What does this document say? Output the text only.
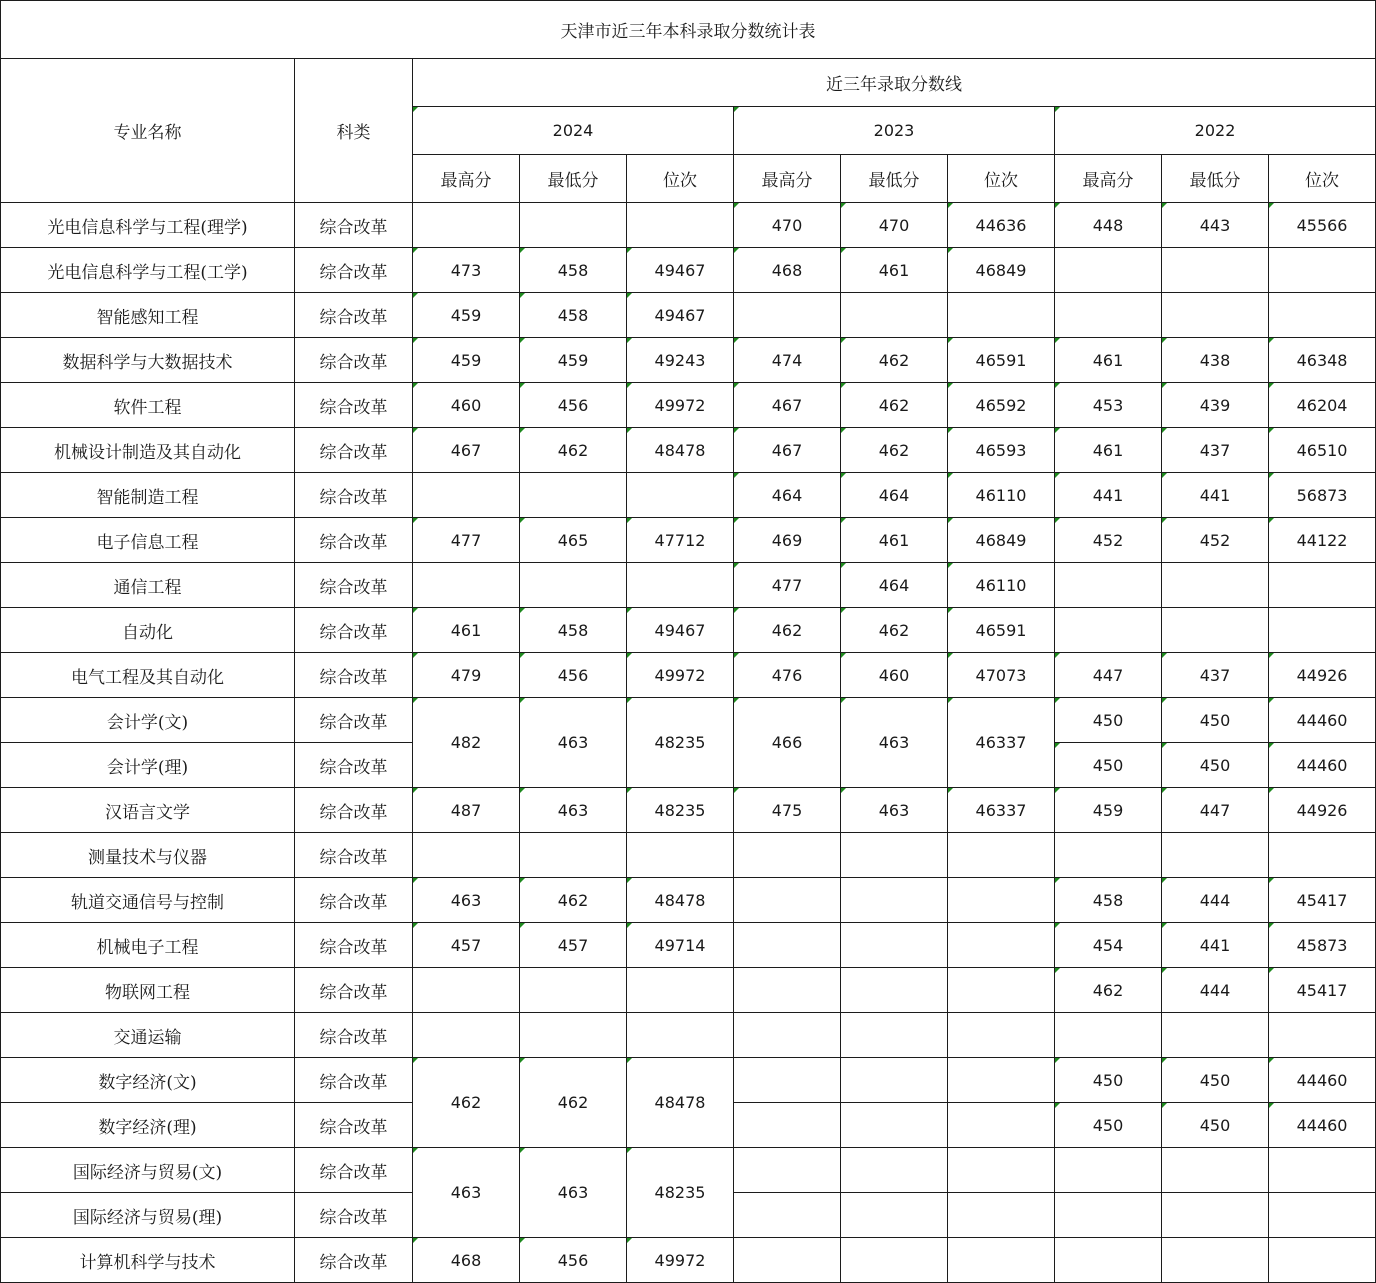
天津市近三年本科录取分数统计表										
专业名称	科类	近三年录取分数线								
		2024			2023			2022		
		最高分	最低分	位次	最高分	最低分	位次	最高分	最低分	位次
光电信息科学与工程(理学)	综合改革				470	470	44636	448	443	45566
光电信息科学与工程(工学)	综合改革	473	458	49467	468	461	46849			
智能感知工程	综合改革	459	458	49467						
数据科学与大数据技术	综合改革	459	459	49243	474	462	46591	461	438	46348
软件工程	综合改革	460	456	49972	467	462	46592	453	439	46204
机械设计制造及其自动化	综合改革	467	462	48478	467	462	46593	461	437	46510
智能制造工程	综合改革				464	464	46110	441	441	56873
电子信息工程	综合改革	477	465	47712	469	461	46849	452	452	44122
通信工程	综合改革				477	464	46110			
自动化	综合改革	461	458	49467	462	462	46591			
电气工程及其自动化	综合改革	479	456	49972	476	460	47073	447	437	44926
会计学(文)	综合改革	482	463	48235	466	463	46337	450	450	44460
会计学(理)	综合改革							450	450	44460
汉语言文学	综合改革	487	463	48235	475	463	46337	459	447	44926
测量技术与仪器	综合改革									
轨道交通信号与控制	综合改革	463	462	48478				458	444	45417
机械电子工程	综合改革	457	457	49714				454	441	45873
物联网工程	综合改革							462	444	45417
交通运输	综合改革									
数字经济(文)	综合改革	462	462	48478				450	450	44460
数字经济(理)	综合改革							450	450	44460
国际经济与贸易(文)	综合改革	463	463	48235						
国际经济与贸易(理)	综合改革									
计算机科学与技术	综合改革	468	456	49972						
